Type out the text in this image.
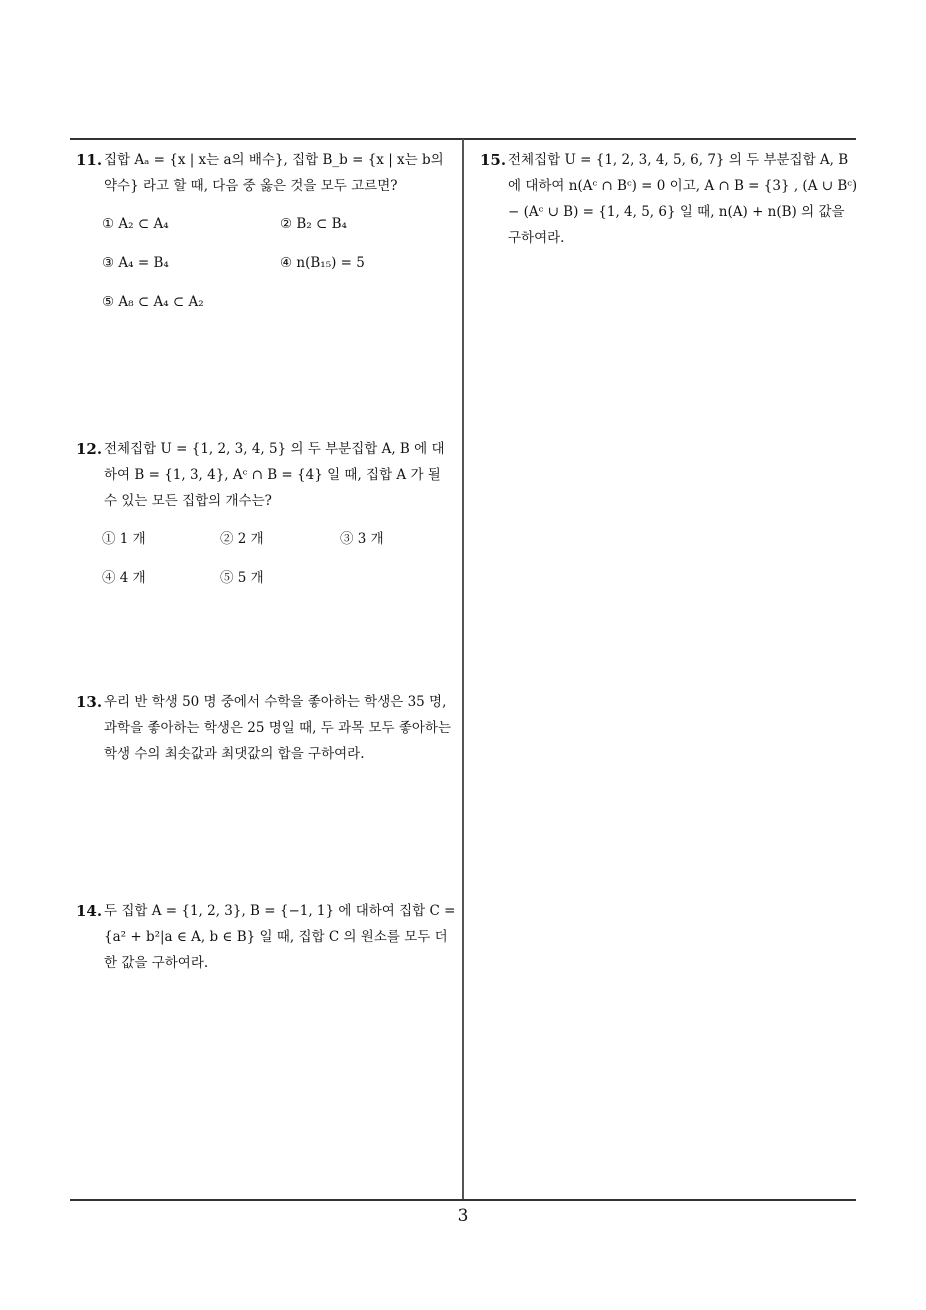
11. 집합 Aₐ = {x | x는 a의 배수}, 집합 B_b = {x | x는 b의 약수} 라고 할 때, 다음 중 옳은 것을 모두 고르면?
① A₂ ⊂ A₄	② B₂ ⊂ B₄
③ A₄ = B₄	④ n(B₁₅) = 5
⑤ A₈ ⊂ A₄ ⊂ A₂
12. 전체집합 U = {1, 2, 3, 4, 5} 의 두 부분집합 A, B 에 대하여 B = {1, 3, 4}, Aᶜ ∩ B = {4} 일 때, 집합 A 가 될 수 있는 모든 집합의 개수는?
① 1 개	② 2 개	③ 3 개
④ 4 개	⑤ 5 개
13. 우리 반 학생 50 명 중에서 수학을 좋아하는 학생은 35 명, 과학을 좋아하는 학생은 25 명일 때, 두 과목 모두 좋아하는 학생 수의 최솟값과 최댓값의 합을 구하여라.
14. 두 집합 A = {1, 2, 3}, B = {−1, 1} 에 대하여 집합 C = {a² + b²|a ∈ A, b ∈ B} 일 때, 집합 C 의 원소를 모두 더한 값을 구하여라.
15. 전체집합 U = {1, 2, 3, 4, 5, 6, 7} 의 두 부분집합 A, B 에 대하여 n(Aᶜ ∩ Bᶜ) = 0 이고, A ∩ B = {3} , (A ∪ Bᶜ) − (Aᶜ ∪ B) = {1, 4, 5, 6} 일 때, n(A) + n(B) 의 값을 구하여라.
3
